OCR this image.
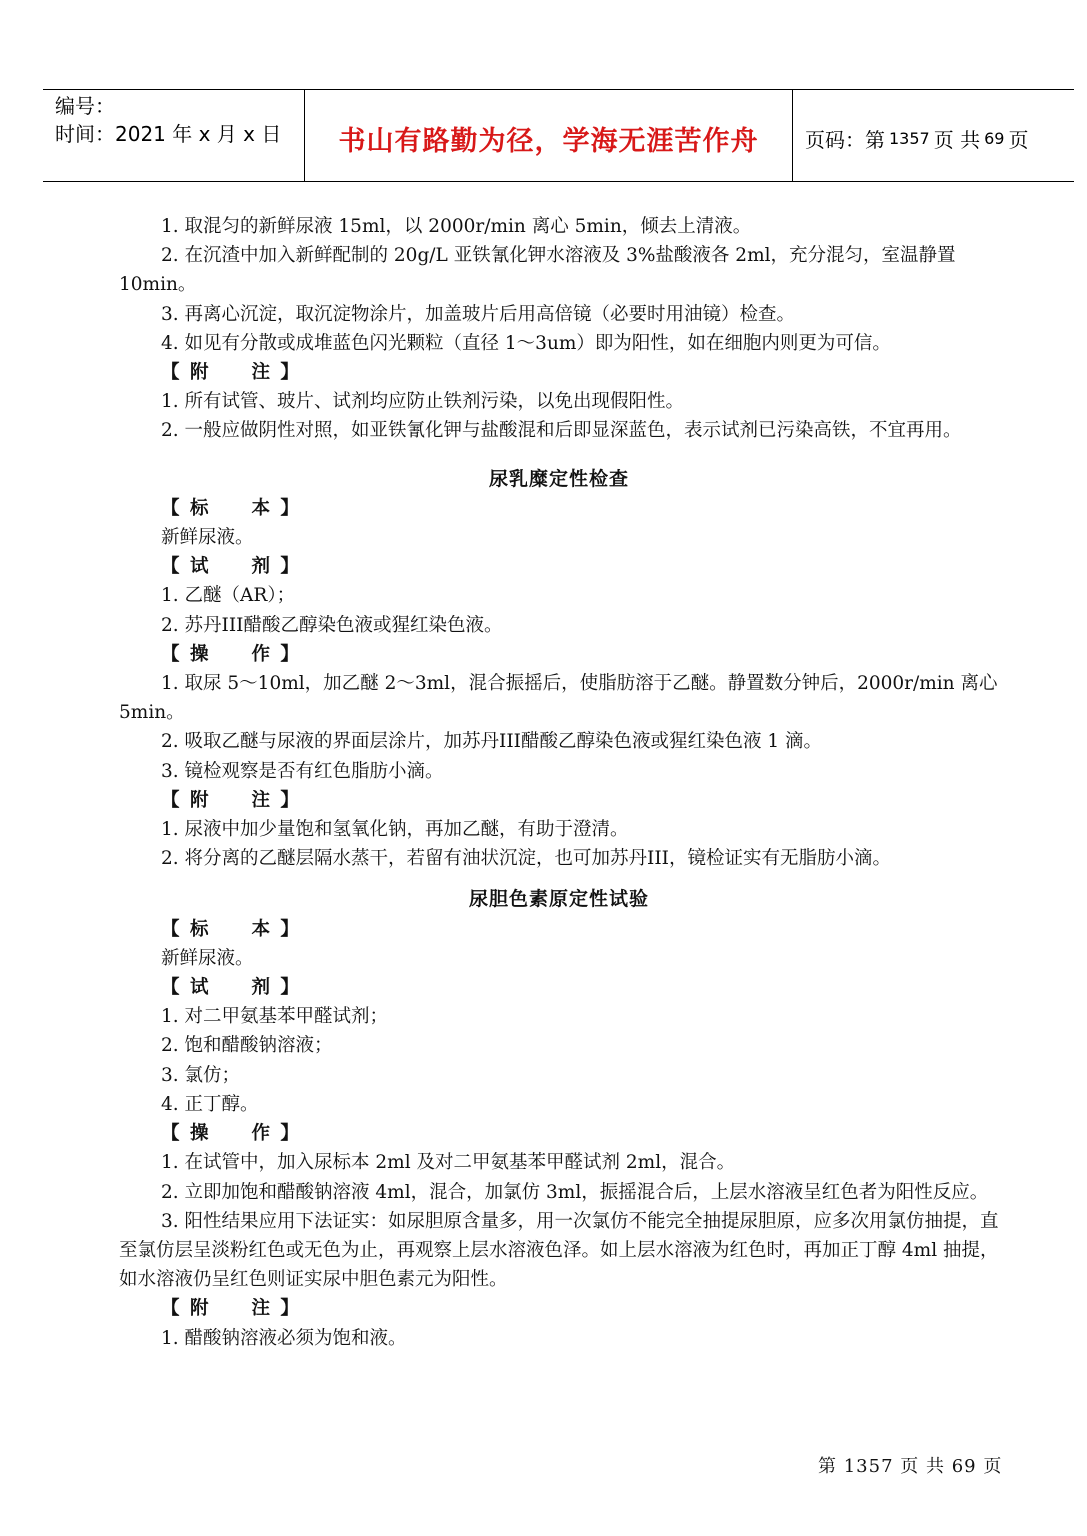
编号：
时间：2021 年 x 月 x 日	书山有路勤为径，学海无涯苦作舟	页码：第 1357 页 共 69 页

1. 取混匀的新鲜尿液 15ml，以 2000r/min 离心 5min，倾去上清液。

2. 在沉渣中加入新鲜配制的 20g/L 亚铁氰化钾水溶液及 3%盐酸液各 2ml，充分混匀，室温静置 10min。

3. 再离心沉淀，取沉淀物涂片，加盖玻片后用高倍镜（必要时用油镜）检查。

4. 如见有分散或成堆蓝色闪光颗粒（直径 1～3um）即为阳性，如在细胞内则更为可信。

【 附　　注 】

1. 所有试管、玻片、试剂均应防止铁剂污染，以免出现假阳性。

2. 一般应做阴性对照，如亚铁氰化钾与盐酸混和后即显深蓝色，表示试剂已污染高铁，不宜再用。

尿乳糜定性检查

【 标　　本 】

新鲜尿液。

【 试　　剂 】

1. 乙醚（AR）；

2. 苏丹III醋酸乙醇染色液或猩红染色液。

【 操　　作 】

1. 取尿 5～10ml，加乙醚 2～3ml，混合振摇后，使脂肪溶于乙醚。静置数分钟后，2000r/min 离心 5min。

2. 吸取乙醚与尿液的界面层涂片，加苏丹III醋酸乙醇染色液或猩红染色液 1 滴。

3. 镜检观察是否有红色脂肪小滴。

【 附　　注 】

1. 尿液中加少量饱和氢氧化钠，再加乙醚，有助于澄清。

2. 将分离的乙醚层隔水蒸干，若留有油状沉淀，也可加苏丹III，镜检证实有无脂肪小滴。

尿胆色素原定性试验

【 标　　本 】

新鲜尿液。

【 试　　剂 】

1. 对二甲氨基苯甲醛试剂；

2. 饱和醋酸钠溶液；

3. 氯仿；

4. 正丁醇。

【 操　　作 】

1. 在试管中，加入尿标本 2ml 及对二甲氨基苯甲醛试剂 2ml，混合。

2. 立即加饱和醋酸钠溶液 4ml，混合，加氯仿 3ml，振摇混合后，上层水溶液呈红色者为阳性反应。

3. 阳性结果应用下法证实：如尿胆原含量多，用一次氯仿不能完全抽提尿胆原，应多次用氯仿抽提，直至氯仿层呈淡粉红色或无色为止，再观察上层水溶液色泽。如上层水溶液为红色时，再加正丁醇 4ml 抽提，如水溶液仍呈红色则证实尿中胆色素元为阳性。

【 附　　注 】

1. 醋酸钠溶液必须为饱和液。

第 1357 页 共 69 页
